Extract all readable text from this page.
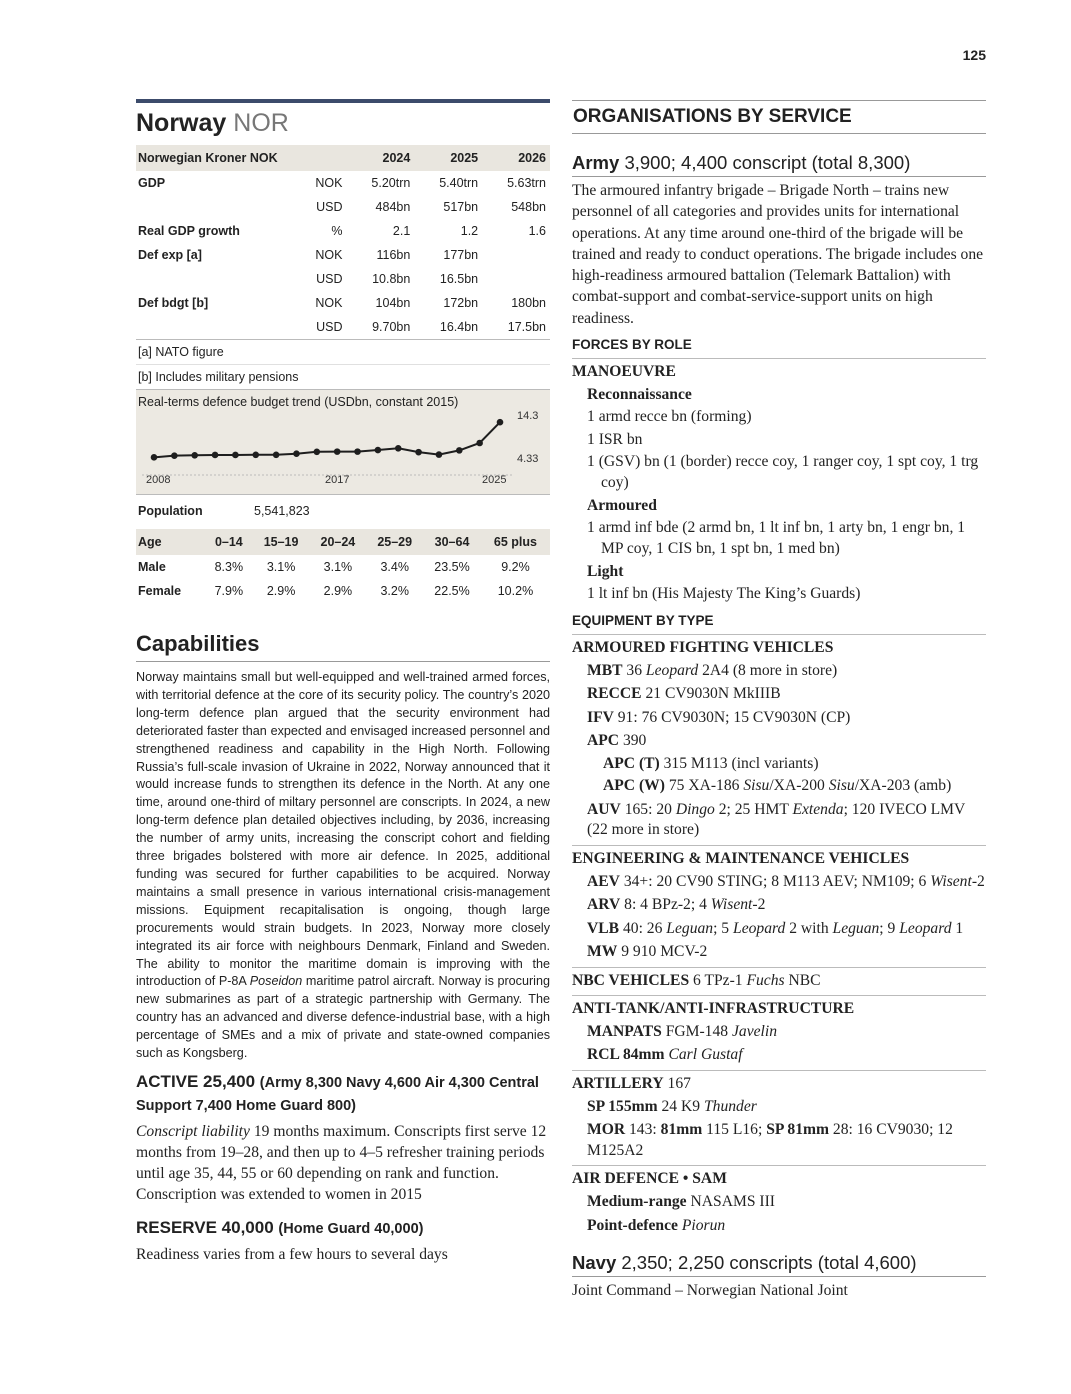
125
Norway NOR
Norwegian Kroner NOK		2024	2025	2026
GDP	NOK	5.20trn	5.40trn	5.63trn
	USD	484bn	517bn	548bn
Real GDP growth	%	2.1	1.2	1.6
Def exp [a]	NOK	116bn	177bn	
	USD	10.8bn	16.5bn	
Def bdgt [b]	NOK	104bn	172bn	180bn
	USD	9.70bn	16.4bn	17.5bn
[a] NATO figure
[b] Includes military pensions
Real-terms defence budget trend (USDbn, constant 2015)
2008	2017	2025
14.3
4.33
Population	5,541,823
Age	0–14	15–19	20–24	25–29	30–64	65 plus
Male	8.3%	3.1%	3.1%	3.4%	23.5%	9.2%
Female	7.9%	2.9%	2.9%	3.2%	22.5%	10.2%
Capabilities
Norway maintains small but well-equipped and well-trained armed forces, with territorial defence at the core of its security policy. The country’s 2020 long-term defence plan argued that the security environment had deteriorated faster than expected and envisaged increased personnel and strengthened readiness and capability in the High North. Following Russia’s full-scale invasion of Ukraine in 2022, Norway announced that it would increase funds to strengthen its defence in the North. At any one time, around one-third of miltary personnel are conscripts. In 2024, a new long-term defence plan detailed objectives including, by 2036, increasing the number of army units, increasing the conscript cohort and fielding three brigades bolstered with more air defence. In 2025, additional funding was secured for further capabilities to be acquired. Norway maintains a small presence in various international crisis-management missions. Equipment recapitalisation is ongoing, though large procurements would strain budgets. In 2023, Norway more closely integrated its air force with neighbours Denmark, Finland and Sweden. The ability to monitor the maritime domain is improving with the introduction of P-8A Poseidon maritime patrol aircraft. Norway is procuring new submarines as part of a strategic partnership with Germany. The country has an advanced and diverse defence-industrial base, with a high percentage of SMEs and a mix of private and state-owned companies such as Kongsberg.
ACTIVE 25,400 (Army 8,300 Navy 4,600 Air 4,300 Central Support 7,400 Home Guard 800)
Conscript liability 19 months maximum. Conscripts first serve 12 months from 19–28, and then up to 4–5 refresher training periods until age 35, 44, 55 or 60 depending on rank and function. Conscription was extended to women in 2015
RESERVE 40,000 (Home Guard 40,000)
Readiness varies from a few hours to several days
ORGANISATIONS BY SERVICE
Army 3,900; 4,400 conscript (total 8,300)
The armoured infantry brigade – Brigade North – trains new personnel of all categories and provides units for international operations. At any time around one-third of the brigade will be trained and ready to conduct operations. The brigade includes one high-readiness armoured battalion (Telemark Battalion) with combat-support and combat-service-support units on high readiness.
FORCES BY ROLE
MANOEUVRE
Reconnaissance
1 armd recce bn (forming)
1 ISR bn
1 (GSV) bn (1 (border) recce coy, 1 ranger coy, 1 spt coy, 1 trg coy)
Armoured
1 armd inf bde (2 armd bn, 1 lt inf bn, 1 arty bn, 1 engr bn, 1 MP coy, 1 CIS bn, 1 spt bn, 1 med bn)
Light
1 lt inf bn (His Majesty The King’s Guards)
EQUIPMENT BY TYPE
ARMOURED FIGHTING VEHICLES
MBT 36 Leopard 2A4 (8 more in store)
RECCE 21 CV9030N MkIIIB
IFV 91: 76 CV9030N; 15 CV9030N (CP)
APC 390
APC (T) 315 M113 (incl variants)
APC (W) 75 XA-186 Sisu/XA-200 Sisu/XA-203 (amb)
AUV 165: 20 Dingo 2; 25 HMT Extenda; 120 IVECO LMV (22 more in store)
ENGINEERING & MAINTENANCE VEHICLES
AEV 34+: 20 CV90 STING; 8 M113 AEV; NM109; 6 Wisent-2
ARV 8: 4 BPz-2; 4 Wisent-2
VLB 40: 26 Leguan; 5 Leopard 2 with Leguan; 9 Leopard 1
MW 9 910 MCV-2
NBC VEHICLES 6 TPz-1 Fuchs NBC
ANTI-TANK/ANTI-INFRASTRUCTURE
MANPATS FGM-148 Javelin
RCL 84mm Carl Gustaf
ARTILLERY 167
SP 155mm 24 K9 Thunder
MOR 143: 81mm 115 L16; SP 81mm 28: 16 CV9030; 12 M125A2
AIR DEFENCE • SAM
Medium-range NASAMS III
Point-defence Piorun
Navy 2,350; 2,250 conscripts (total 4,600)
Joint Command – Norwegian National Joint
